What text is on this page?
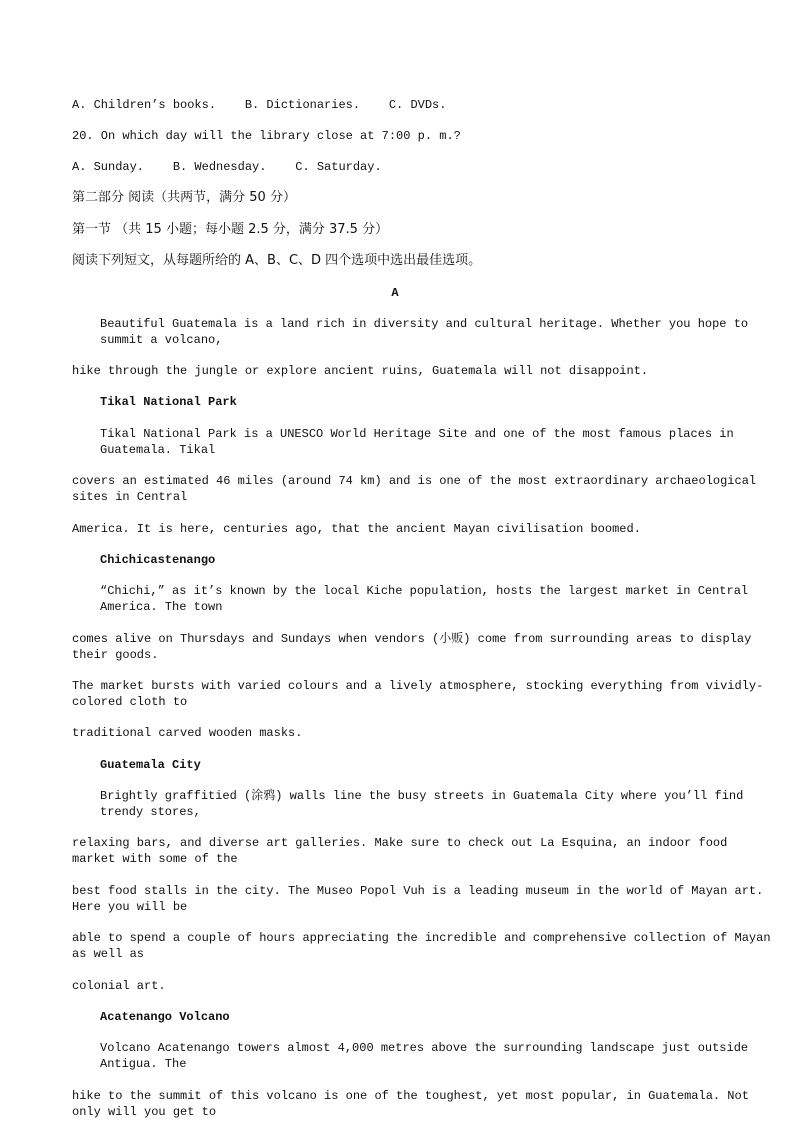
A. Children’s books.    B. Dictionaries.    C. DVDs.
20. On which day will the library close at 7:00 p. m.?
A. Sunday.    B. Wednesday.    C. Saturday.
第二部分 阅读（共两节，满分 50 分）
第一节 （共 15 小题；每小题 2.5 分，满分 37.5 分）
阅读下列短文，从每题所给的 A、B、C、D 四个选项中选出最佳选项。
A
Beautiful Guatemala is a land rich in diversity and cultural heritage. Whether you hope to summit a volcano,
hike through the jungle or explore ancient ruins, Guatemala will not disappoint.
Tikal National Park
Tikal National Park is a UNESCO World Heritage Site and one of the most famous places in Guatemala. Tikal
covers an estimated 46 miles (around 74 km) and is one of the most extraordinary archaeological sites in Central
America. It is here, centuries ago, that the ancient Mayan civilisation boomed.
Chichicastenango
“Chichi,” as it’s known by the local Kiche population, hosts the largest market in Central America. The town
comes alive on Thursdays and Sundays when vendors (小贩) come from surrounding areas to display their goods.
The market bursts with varied colours and a lively atmosphere, stocking everything from vividly-colored cloth to
traditional carved wooden masks.
Guatemala City
Brightly graffitied (涂鸦) walls line the busy streets in Guatemala City where you’ll find trendy stores,
relaxing bars, and diverse art galleries. Make sure to check out La Esquina, an indoor food market with some of the
best food stalls in the city. The Museo Popol Vuh is a leading museum in the world of Mayan art. Here you will be
able to spend a couple of hours appreciating the incredible and comprehensive collection of Mayan as well as
colonial art.
Acatenango Volcano
Volcano Acatenango towers almost 4,000 metres above the surrounding landscape just outside Antigua. The
hike to the summit of this volcano is one of the toughest, yet most popular, in Guatemala. Not only will you get to
